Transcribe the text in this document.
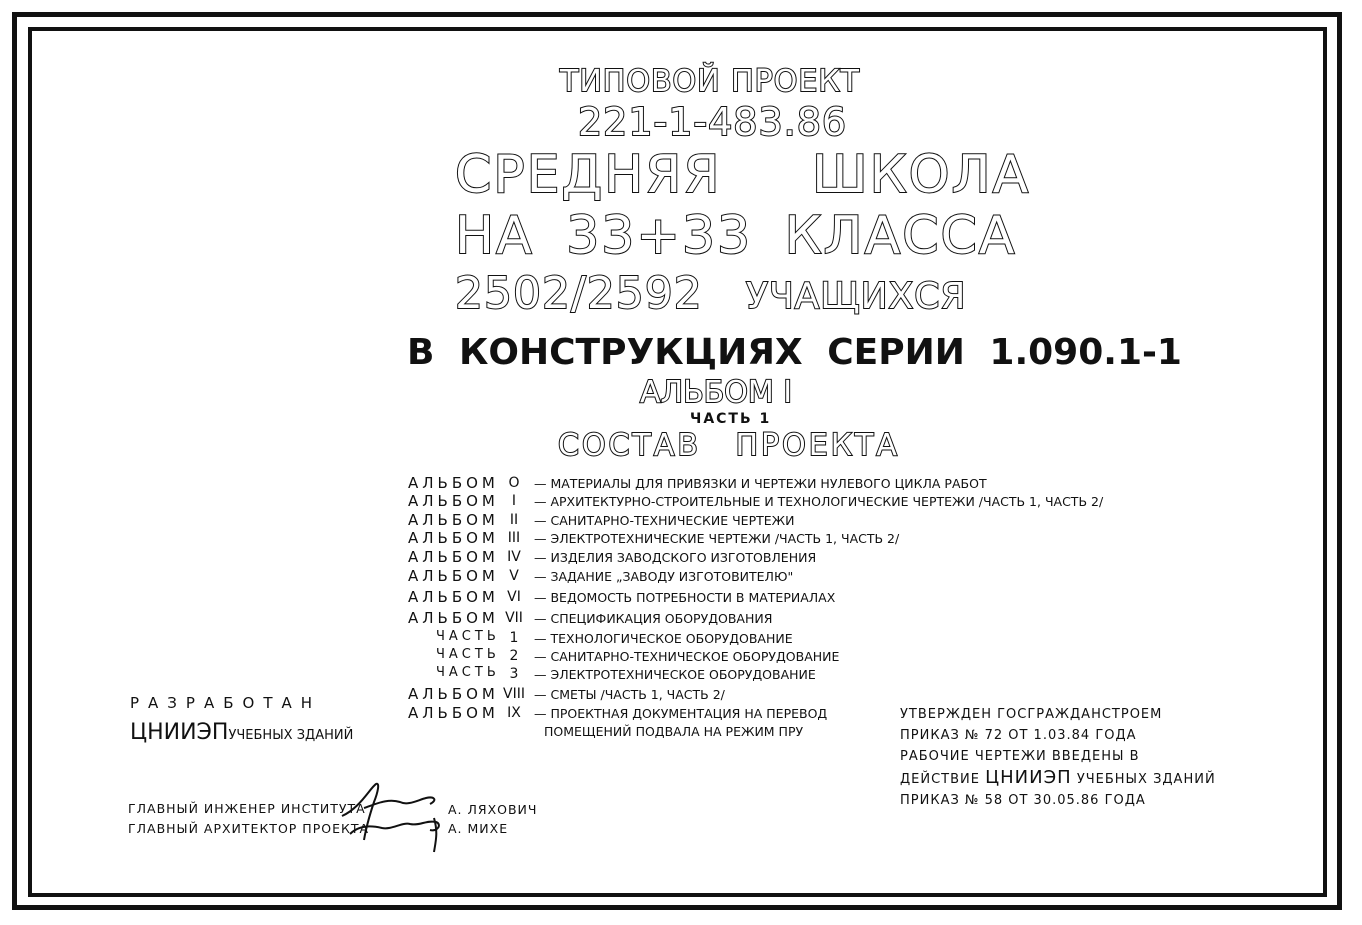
ТИПОВОЙ ПРОЕКТ
221-1-483.86
СРЕДНЯЯ ШКОЛА
НА 33+33 КЛАССА
2502/2592 УЧАЩИХСЯ
В КОНСТРУКЦИЯХ СЕРИИ 1.090.1-1
АЛЬБОМ I
ЧАСТЬ 1
СОСТАВ ПРОЕКТА
АЛЬБОМ O	— МАТЕРИАЛЫ ДЛЯ ПРИВЯЗКИ И ЧЕРТЕЖИ НУЛЕВОГО ЦИКЛА РАБОТ
АЛЬБОМ I	— АРХИТЕКТУРНО-СТРОИТЕЛЬНЫЕ И ТЕХНОЛОГИЧЕСКИЕ ЧЕРТЕЖИ /ЧАСТЬ 1, ЧАСТЬ 2/
АЛЬБОМ II	— САНИТАРНО-ТЕХНИЧЕСКИЕ ЧЕРТЕЖИ
АЛЬБОМ III	— ЭЛЕКТРОТЕХНИЧЕСКИЕ ЧЕРТЕЖИ /ЧАСТЬ 1, ЧАСТЬ 2/
АЛЬБОМ IV	— ИЗДЕЛИЯ ЗАВОДСКОГО ИЗГОТОВЛЕНИЯ
АЛЬБОМ V	— ЗАДАНИЕ „ЗАВОДУ ИЗГОТОВИТЕЛЮ"
АЛЬБОМ VI	— ВЕДОМОСТЬ ПОТРЕБНОСТИ В МАТЕРИАЛАХ
АЛЬБОМ VII — СПЕЦИФИКАЦИЯ ОБОРУДОВАНИЯ
ЧАСТЬ 1	— ТЕХНОЛОГИЧЕСКОЕ ОБОРУДОВАНИЕ
ЧАСТЬ 2	— САНИТАРНО-ТЕХНИЧЕСКОЕ ОБОРУДОВАНИЕ
ЧАСТЬ 3	— ЭЛЕКТРОТЕХНИЧЕСКОЕ ОБОРУДОВАНИЕ
АЛЬБОМ VIII — СМЕТЫ /ЧАСТЬ 1, ЧАСТЬ 2/
АЛЬБОМ IX	— ПРОЕКТНАЯ ДОКУМЕНТАЦИЯ НА ПЕРЕВОД
ПОМЕЩЕНИЙ ПОДВАЛА НА РЕЖИМ ПРУ
РАЗРАБОТАН
ЦНИИЭПУЧЕБНЫХ ЗДАНИЙ
ГЛАВНЫЙ ИНЖЕНЕР ИНСТИТУТА	А. ЛЯХОВИЧ
ГЛАВНЫЙ АРХИТЕКТОР ПРОЕКТА	А. МИХЕ
УТВЕРЖДЕН ГОСГРАЖДАНСТРОЕМ
ПРИКАЗ № 72 ОТ 1.03.84 ГОДА
РАБОЧИЕ ЧЕРТЕЖИ ВВЕДЕНЫ В
ДЕЙСТВИЕ ЦНИИЭП УЧЕБНЫХ ЗДАНИЙ
ПРИКАЗ № 58 ОТ 30.05.86 ГОДА
